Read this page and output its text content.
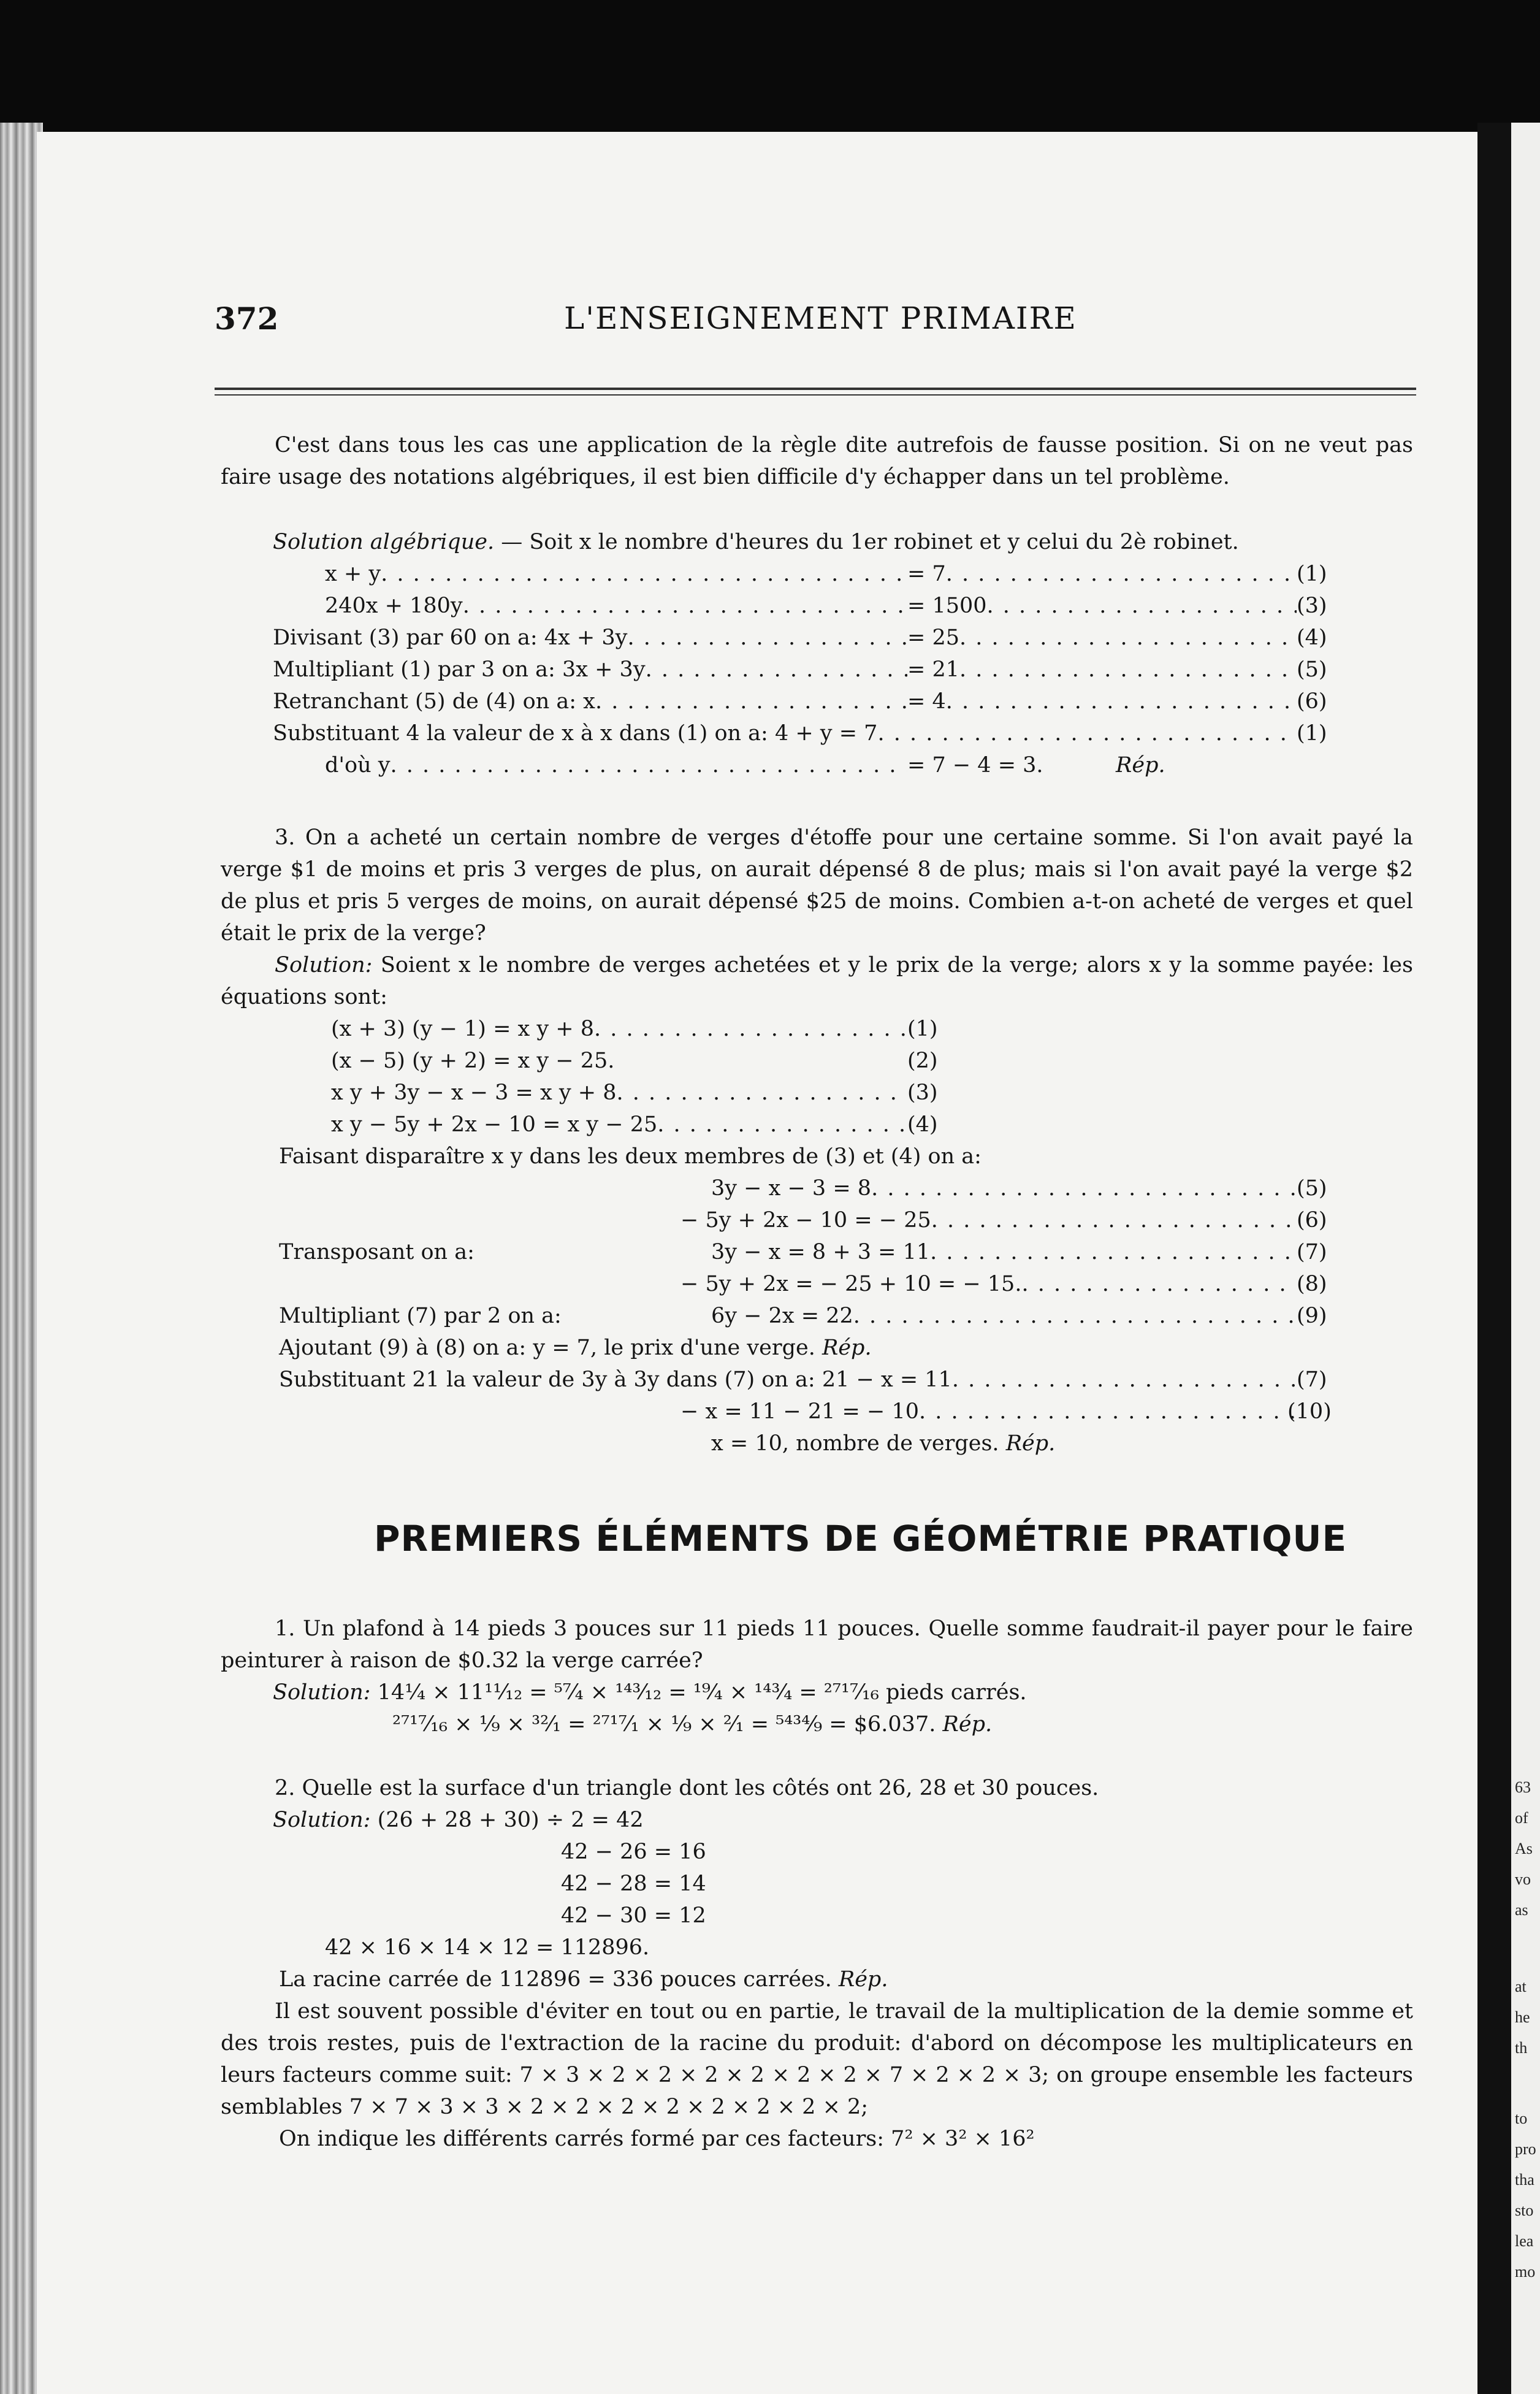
372	L'ENSEIGNEMENT PRIMAIRE
C'est dans tous les cas une application de la règle dite autrefois de fausse position. Si on ne veut pas faire usage des notations algébriques, il est bien difficile d'y échapper dans un tel problème.
Solution algébrique. — Soit x le nombre d'heures du 1er robinet et y celui du 2è robinet.
x + y . . .	= 7 . . .	(1)
240x + 180y . . .	= 1500 . . .	(3)
Divisant (3) par 60 on a: 4x + 3y . . .	= 25 . . .	(4)
Multipliant (1) par 3 on a: 3x + 3y . . .	= 21 . . .	(5)
Retranchant (5) de (4) on a: x . . .	= 4 . . .	(6)
Substituant 4 la valeur de x à x dans (1) on a: 4 + y = 7 . . .	(1)
d'où y . . .	= 7 − 4 = 3.	Rép.
3. On a acheté un certain nombre de verges d'étoffe pour une certaine somme. Si l'on avait payé la verge $1 de moins et pris 3 verges de plus, on aurait dépensé 8 de plus; mais si l'on avait payé la verge $2 de plus et pris 5 verges de moins, on aurait dépensé $25 de moins. Combien a-t-on acheté de verges et quel était le prix de la verge?
Solution: Soient x le nombre de verges achetées et y le prix de la verge; alors x y la somme payée: les équations sont:
(x + 3) (y − 1) = x y + 8 . . .	(1)
(x − 5) (y + 2) = x y − 25.	(2)
x y + 3y − x − 3 = x y + 8 . . .	(3)
x y − 5y + 2x − 10 = x y − 25 . . .	(4)
Faisant disparaître x y dans les deux membres de (3) et (4) on a:
3y − x − 3 = 8 . . .	(5)
− 5y + 2x − 10 = − 25 . . .	(6)
Transposant on a:	3y − x = 8 + 3 = 11 . . .	(7)
− 5y + 2x = − 25 + 10 = − 15. . . .	(8)
Multipliant (7) par 2 on a:	6y − 2x = 22 . . .	(9)
Ajoutant (9) à (8) on a: y = 7, le prix d'une verge. Rép.
Substituant 21 la valeur de 3y à 3y dans (7) on a: 21 − x = 11 . . .	(7)
− x = 11 − 21 = − 10 . . .	(10)
x = 10, nombre de verges. Rép.
PREMIERS ÉLÉMENTS DE GÉOMÉTRIE PRATIQUE
1. Un plafond à 14 pieds 3 pouces sur 11 pieds 11 pouces. Quelle somme faudrait-il payer pour le faire peinturer à raison de $0.32 la verge carrée?
Solution: 14¼ × 11¹¹⁄₁₂ = ⁵⁷⁄₄ × ¹⁴³⁄₁₂ = ¹⁹⁄₄ × ¹⁴³⁄₄ = ²⁷¹⁷⁄₁₆ pieds carrés.
²⁷¹⁷⁄₁₆ × ⅑ × ³²⁄₁ = ²⁷¹⁷⁄₁ × ⅑ × ²⁄₁ = ⁵⁴³⁴⁄₉ = $6.037. Rép.
2. Quelle est la surface d'un triangle dont les côtés ont 26, 28 et 30 pouces.
Solution: (26 + 28 + 30) ÷ 2 = 42
42 − 26 = 16
42 − 28 = 14
42 − 30 = 12
42 × 16 × 14 × 12 = 112896.
La racine carrée de 112896 = 336 pouces carrées. Rép.
Il est souvent possible d'éviter en tout ou en partie, le travail de la multiplication de la demie somme et des trois restes, puis de l'extraction de la racine du produit: d'abord on décompose les multiplicateurs en leurs facteurs comme suit: 7 × 3 × 2 × 2 × 2 × 2 × 2 × 2 × 7 × 2 × 2 × 3; on groupe ensemble les facteurs semblables 7 × 7 × 3 × 3 × 2 × 2 × 2 × 2 × 2 × 2 × 2 × 2;
On indique les différents carrés formé par ces facteurs: 7² × 3² × 16²
63
of
As
vo
as
at
he
th
to
pro
tha
sto
lea
mo
